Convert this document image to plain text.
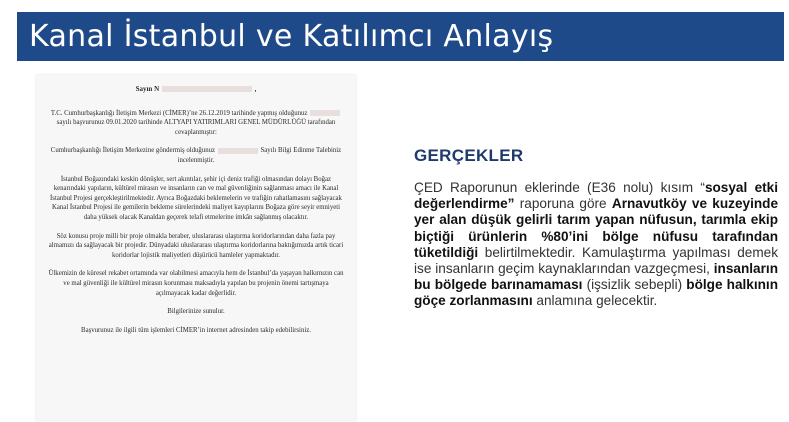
Kanal İstanbul ve Katılımcı Anlayış

Sayın N	,

T.C. Cumhurbaşkanlığı İletişim Merkezi (CİMER)’ne 26.12.2019 tarihinde yapmış olduğunuz  sayılı başvurunuz 09.01.2020 tarihinde ALTYAPI YATIRIMLARI GENEL MÜDÜRLÜĞÜ tarafından cevaplanmıştır:

Cumhurbaşkanlığı İletişim Merkezine göndermiş olduğunuz	Sayılı Bilgi Edinme Talebiniz incelenmiştir.

İstanbul Boğazındaki keskin dönüşler, sert akıntılar, şehir içi deniz trafiği olmasından dolayı Boğaz kenarındaki yapıların, kültürel mirasın ve insanların can ve mal güvenliğinin sağlanması amacı ile Kanal İstanbul Projesi gerçekleştirilmektedir. Ayrıca Boğazdaki beklemelerin ve trafiğin rahatlamasını sağlayacak Kanal İstanbul Projesi ile gemilerin bekleme sürelerindeki maliyet kayıplarını Boğaza göre seyir emniyeti daha yüksek olacak Kanaldan geçerek telafi etmelerine imkân sağlanmış olacaktır.

Söz konusu proje milli bir proje olmakla beraber, uluslararası ulaştırma koridorlarından daha fazla pay almamızı da sağlayacak bir projedir. Dünyadaki uluslararası ulaştırma koridorlarına baktığımızda artık ticari koridorlar lojistik maliyetleri düşürücü hamleler yapmaktadır.

Ülkemizin de küresel rekabet ortamında var olabilmesi amacıyla hem de İstanbul’da yaşayan halkımızın can ve mal güvenliği ile kültürel mirasın korunması maksadıyla yapılan bu projenin önemi tartışmaya açılmayacak kadar değerlidir.

Bilgilerinize sunulur.

Başvurunuz ile ilgili tüm işlemleri CİMER’in internet adresinden takip edebilirsiniz.

GERÇEKLER
ÇED Raporunun eklerinde (E36 nolu) kısım “sosyal etki değerlendirme” raporuna göre Arnavutköy ve kuzeyinde yer alan düşük gelirli tarım yapan nüfusun, tarımla ekip biçtiği ürünlerin %80’ini bölge nüfusu tarafından tüketildiği belirtilmektedir. Kamulaştırma yapılması demek ise insanların geçim kaynaklarından vazgeçmesi, insanların bu bölgede barınamaması (işsizlik sebepli) bölge halkının göçe zorlanmasını anlamına gelecektir.
